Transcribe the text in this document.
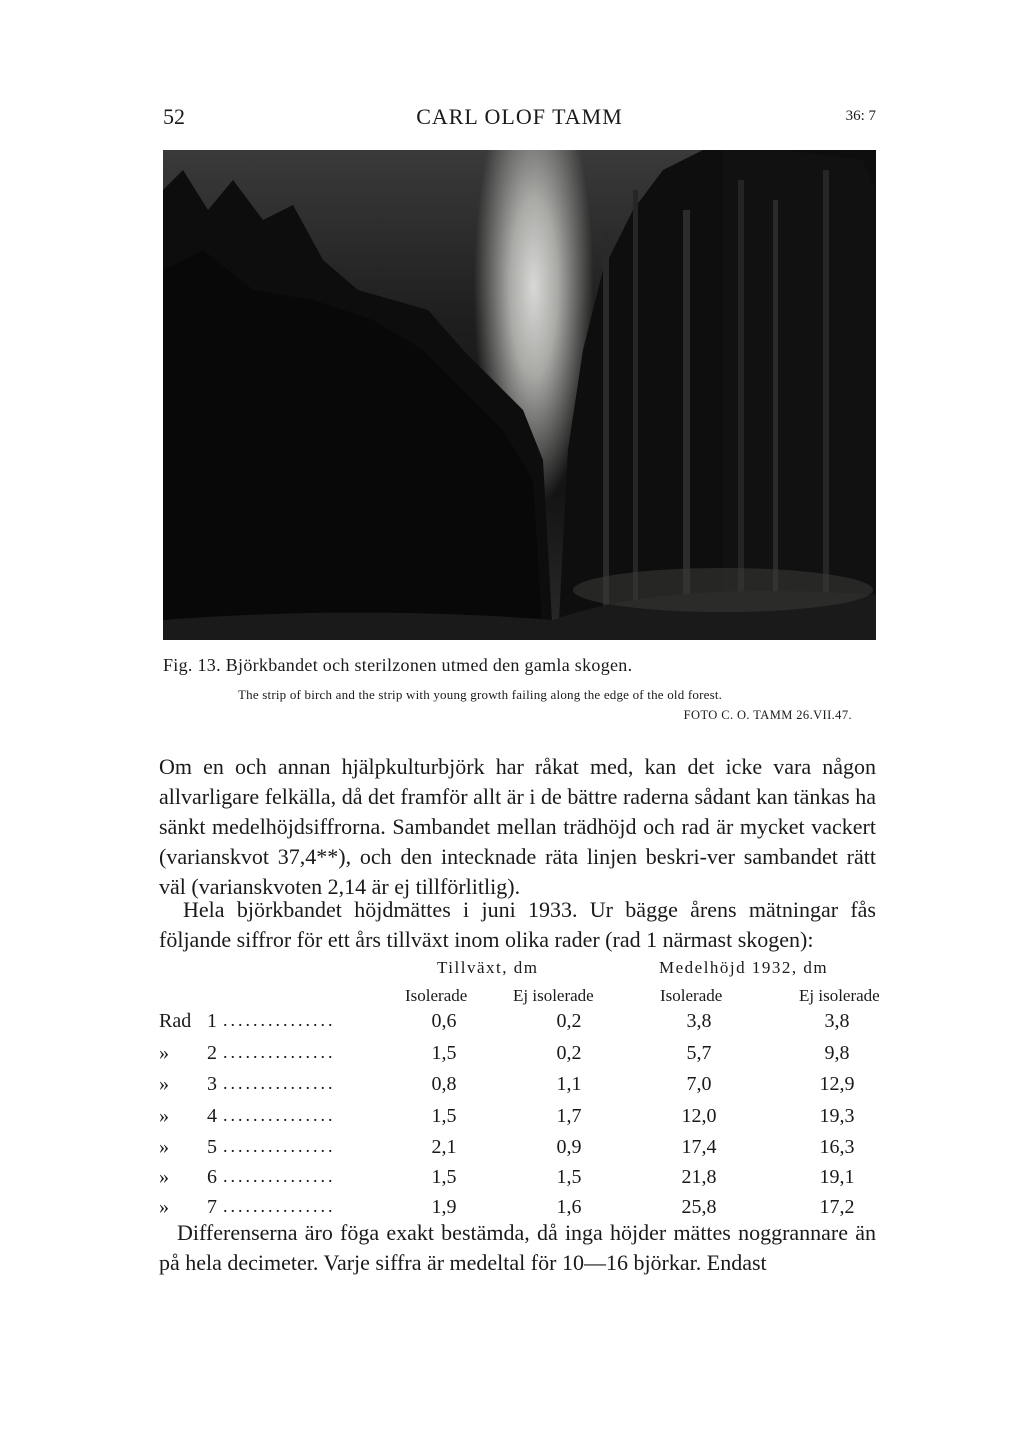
52	CARL OLOF TAMM	36: 7
Fig. 13. Björkbandet och sterilzonen utmed den gamla skogen.
The strip of birch and the strip with young growth failing along the edge of the old forest.
FOTO C. O. TAMM 26.VII.47.

Om en och annan hjälpkulturbjörk har råkat med, kan det icke vara någon allvarligare felkälla, då det framför allt är i de bättre raderna sådant kan tänkas ha sänkt medelhöjdsiffrorna. Sambandet mellan trädhöjd och rad är mycket vackert (varianskvot 37,4**), och den intecknade räta linjen beskri-ver sambandet rätt väl (varianskvoten 2,14 är ej tillförlitlig).

Hela björkbandet höjdmättes i juni 1933. Ur bägge årens mätningar fås följande siffror för ett års tillväxt inom olika rader (rad 1 närmast skogen):

Tillväxt, dm	Medelhöjd 1932, dm
Isolerade	Ej isolerade	Isolerade	Ej isolerade
Rad 1 ...............	0,6	0,2	3,8	3,8
» 2 ...............	1,5	0,2	5,7	9,8
» 3 ...............	0,8	1,1	7,0	12,9
» 4 ...............	1,5	1,7	12,0	19,3
» 5 ...............	2,1	0,9	17,4	16,3
» 6 ...............	1,5	1,5	21,8	19,1
» 7 ...............	1,9	1,6	25,8	17,2

Differenserna äro föga exakt bestämda, då inga höjder mättes noggrannare än på hela decimeter. Varje siffra är medeltal för 10—16 björkar. Endast
